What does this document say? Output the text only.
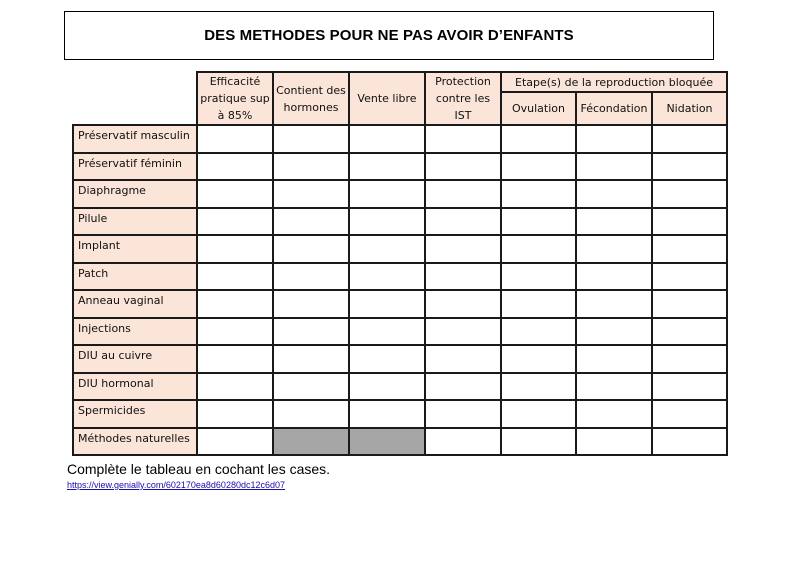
DES METHODES POUR NE PAS AVOIR D’ENFANTS
	Efficacité pratique sup à 85%	Contient des hormones	Vente libre	Protection contre les IST	Etape(s) de la reproduction bloquée		
					Ovulation	Fécondation	Nidation
Préservatif masculin							
Préservatif féminin							
Diaphragme							
Pilule							
Implant							
Patch							
Anneau vaginal							
Injections							
DIU au cuivre							
DIU hormonal							
Spermicides							
Méthodes naturelles							
Complète le tableau en cochant les cases.
https://view.genially.com/602170ea8d60280dc12c6d07
